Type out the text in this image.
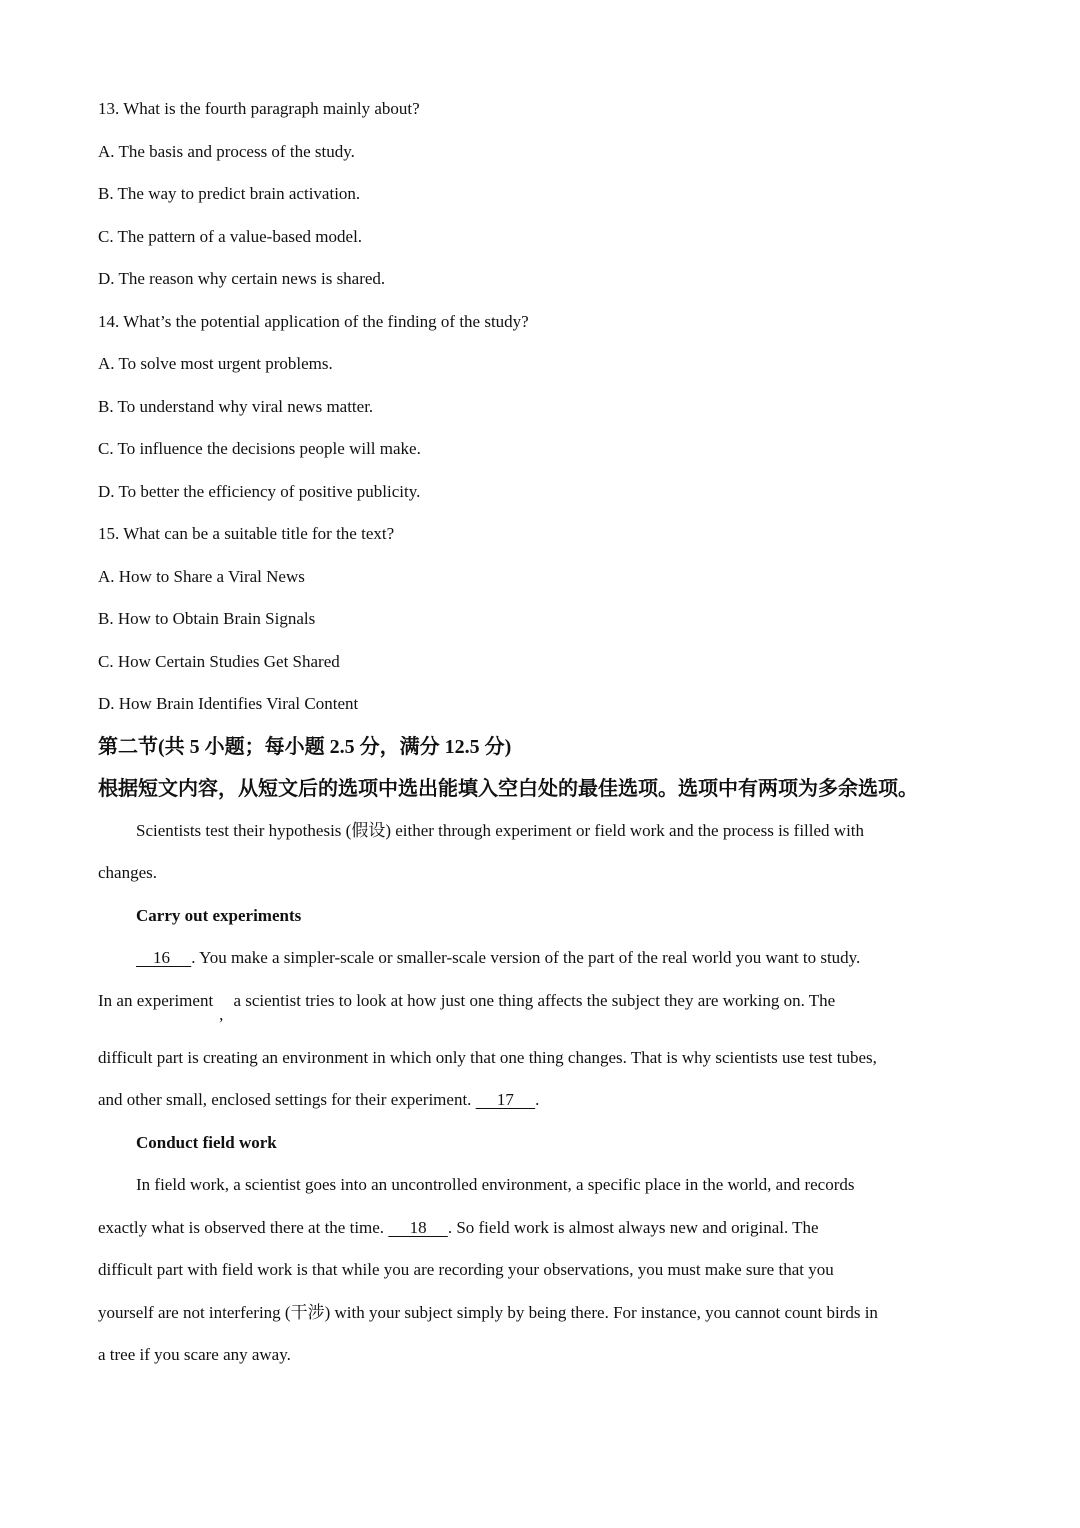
13. What is the fourth paragraph mainly about?
A. The basis and process of the study.
B. The way to predict brain activation.
C. The pattern of a value-based model.
D. The reason why certain news is shared.
14. What’s the potential application of the finding of the study?
A. To solve most urgent problems.
B. To understand why viral news matter.
C. To influence the decisions people will make.
D. To better the efficiency of positive publicity.
15. What can be a suitable title for the text?
A. How to Share a Viral News
B. How to Obtain Brain Signals
C. How Certain Studies Get Shared
D. How Brain Identifies Viral Content
第二节(共 5 小题；每小题 2.5 分，满分 12.5 分)
根据短文内容，从短文后的选项中选出能填入空白处的最佳选项。选项中有两项为多余选项。
Scientists test their hypothesis (假设) either through experiment or field work and the process is filled with
changes.
Carry out experiments
16     . You make a simpler-scale or smaller-scale version of the part of the real world you want to study.
In an experiment, a scientist tries to look at how just one thing affects the subject they are working on. The
difficult part is creating an environment in which only that one thing changes. That is why scientists use test tubes,
and other small, enclosed settings for their experiment.      17     .
Conduct field work
In field work, a scientist goes into an uncontrolled environment, a specific place in the world, and records
exactly what is observed there at the time.      18     . So field work is almost always new and original. The
difficult part with field work is that while you are recording your observations, you must make sure that you
yourself are not interfering (干涉) with your subject simply by being there. For instance, you cannot count birds in
a tree if you scare any away.
